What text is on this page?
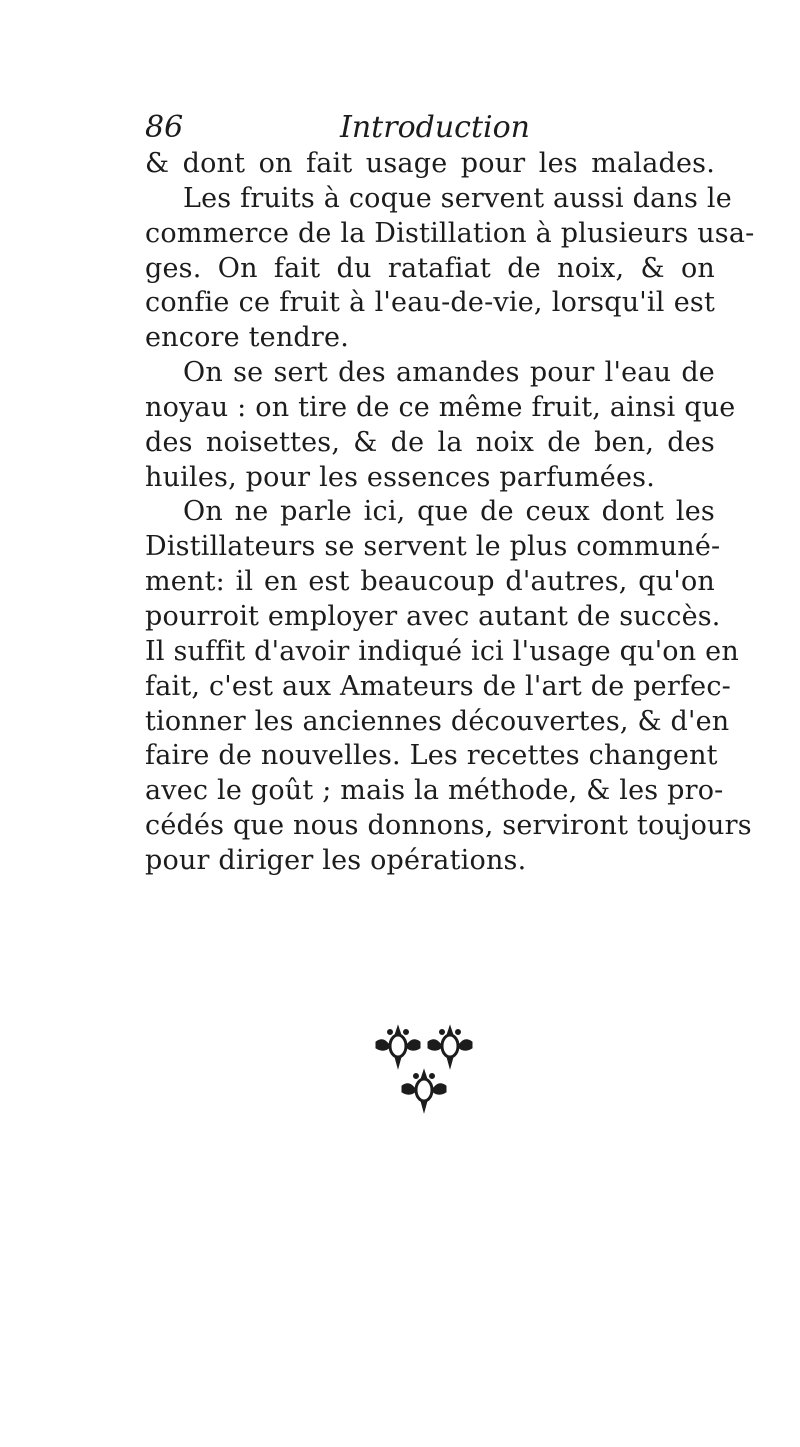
86	Introduction
& dont on fait usage pour les malades.
Les fruits à coque servent aussi dans le
commerce de la Distillation à plusieurs usa-
ges. On fait du ratafiat de noix, & on
confie ce fruit à l'eau-de-vie, lorsqu'il est
encore tendre.
On se sert des amandes pour l'eau de
noyau : on tire de ce même fruit, ainsi que
des noisettes, & de la noix de ben, des
huiles, pour les essences parfumées.
On ne parle ici, que de ceux dont les
Distillateurs se servent le plus communé-
ment: il en est beaucoup d'autres, qu'on
pourroit employer avec autant de succès.
Il suffit d'avoir indiqué ici l'usage qu'on en
fait, c'est aux Amateurs de l'art de perfec-
tionner les anciennes découvertes, & d'en
faire de nouvelles. Les recettes changent
avec le goût ; mais la méthode, & les pro-
cédés que nous donnons, serviront toujours
pour diriger les opérations.
